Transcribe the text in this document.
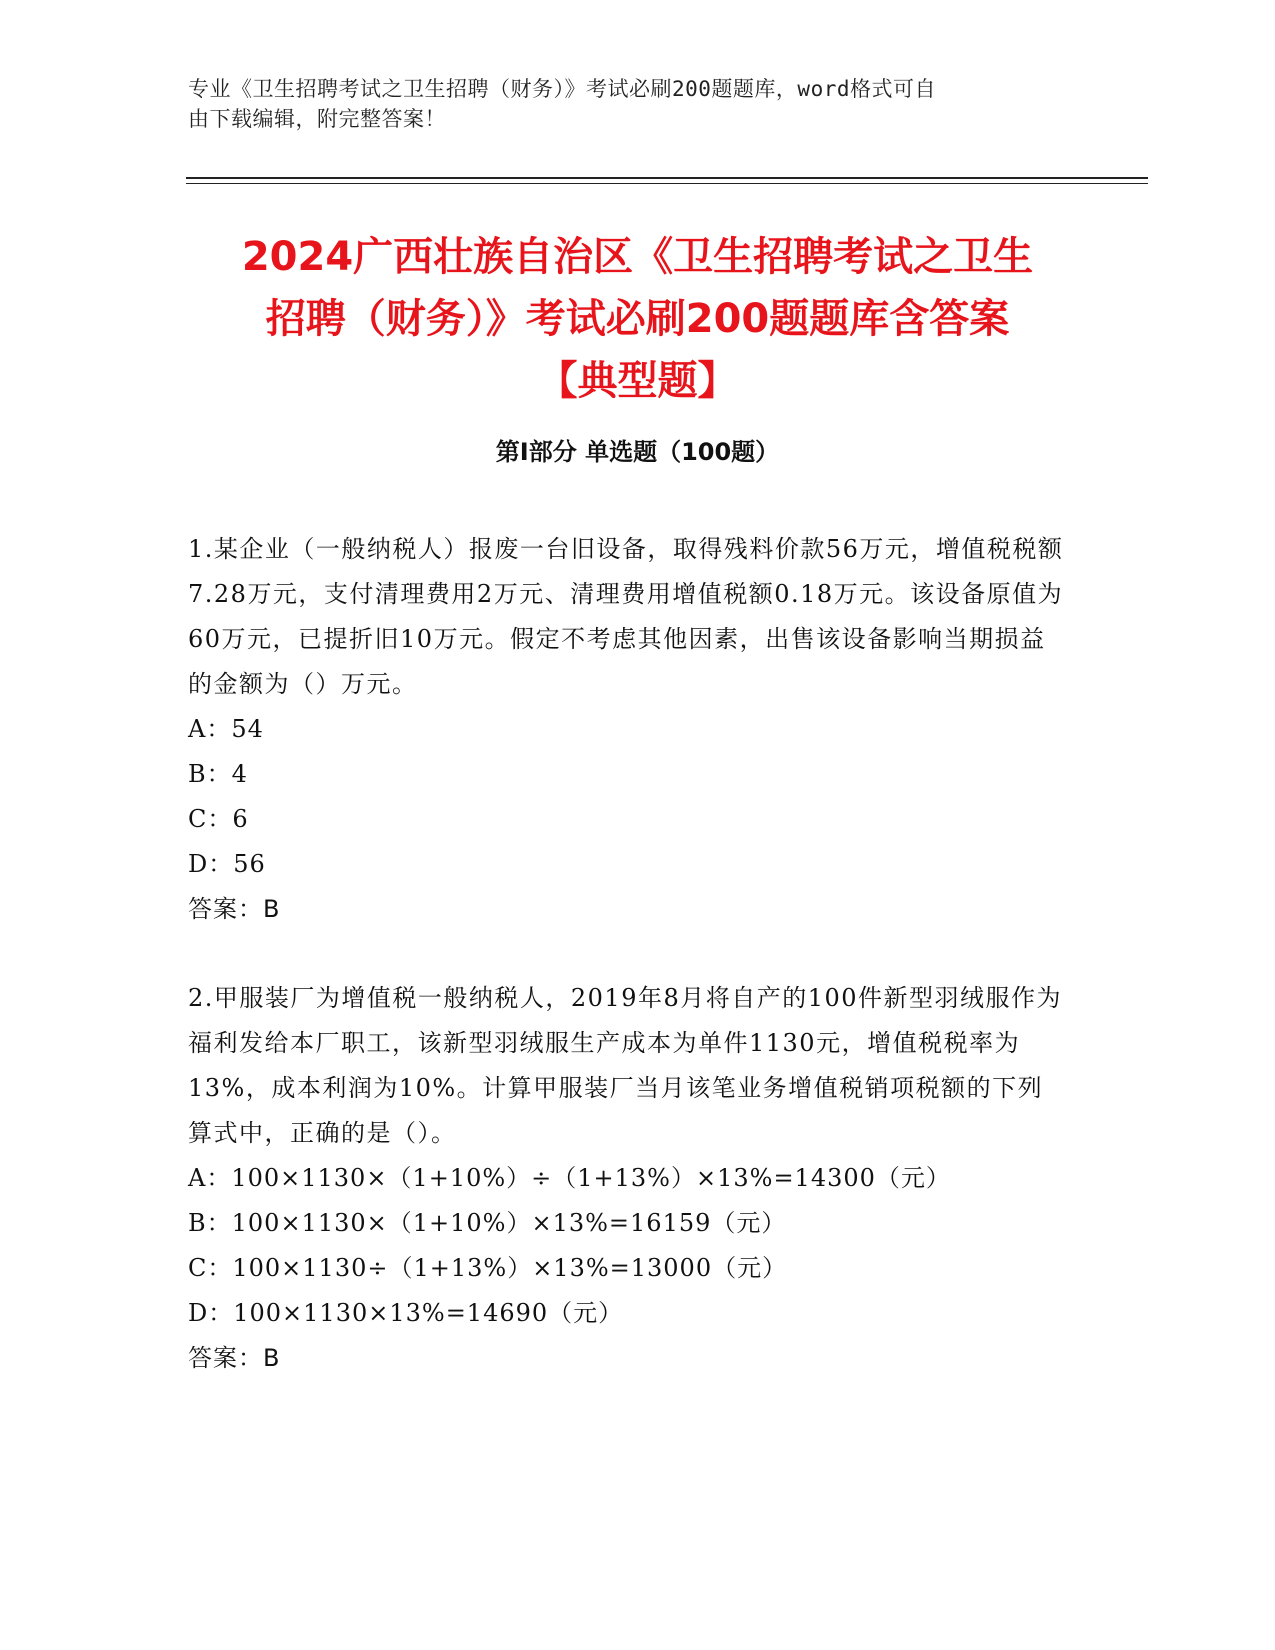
专业《卫生招聘考试之卫生招聘（财务）》考试必刷200题题库，word格式可自

由下载编辑，附完整答案！

2024广西壮族自治区《卫生招聘考试之卫生
招聘（财务）》考试必刷200题题库含答案
【典型题】
第I部分 单选题（100题）

1.某企业（一般纳税人）报废一台旧设备，取得残料价款56万元，增值税税额7.28万元，支付清理费用2万元、清理费用增值税额0.18万元。该设备原值为60万元，已提折旧10万元。假定不考虑其他因素，出售该设备影响当期损益的金额为（）万元。

A：54

B：4

C：6

D：56

答案：B

2.甲服装厂为增值税一般纳税人，2019年8月将自产的100件新型羽绒服作为福利发给本厂职工，该新型羽绒服生产成本为单件1130元，增值税税率为13%，成本利润为10%。计算甲服装厂当月该笔业务增值税销项税额的下列算式中，正确的是（）。

A：100×1130×（1+10%）÷（1+13%）×13%=14300（元）

B：100×1130×（1+10%）×13%=16159（元）

C：100×1130÷（1+13%）×13%=13000（元）

D：100×1130×13%=14690（元）

答案：B
